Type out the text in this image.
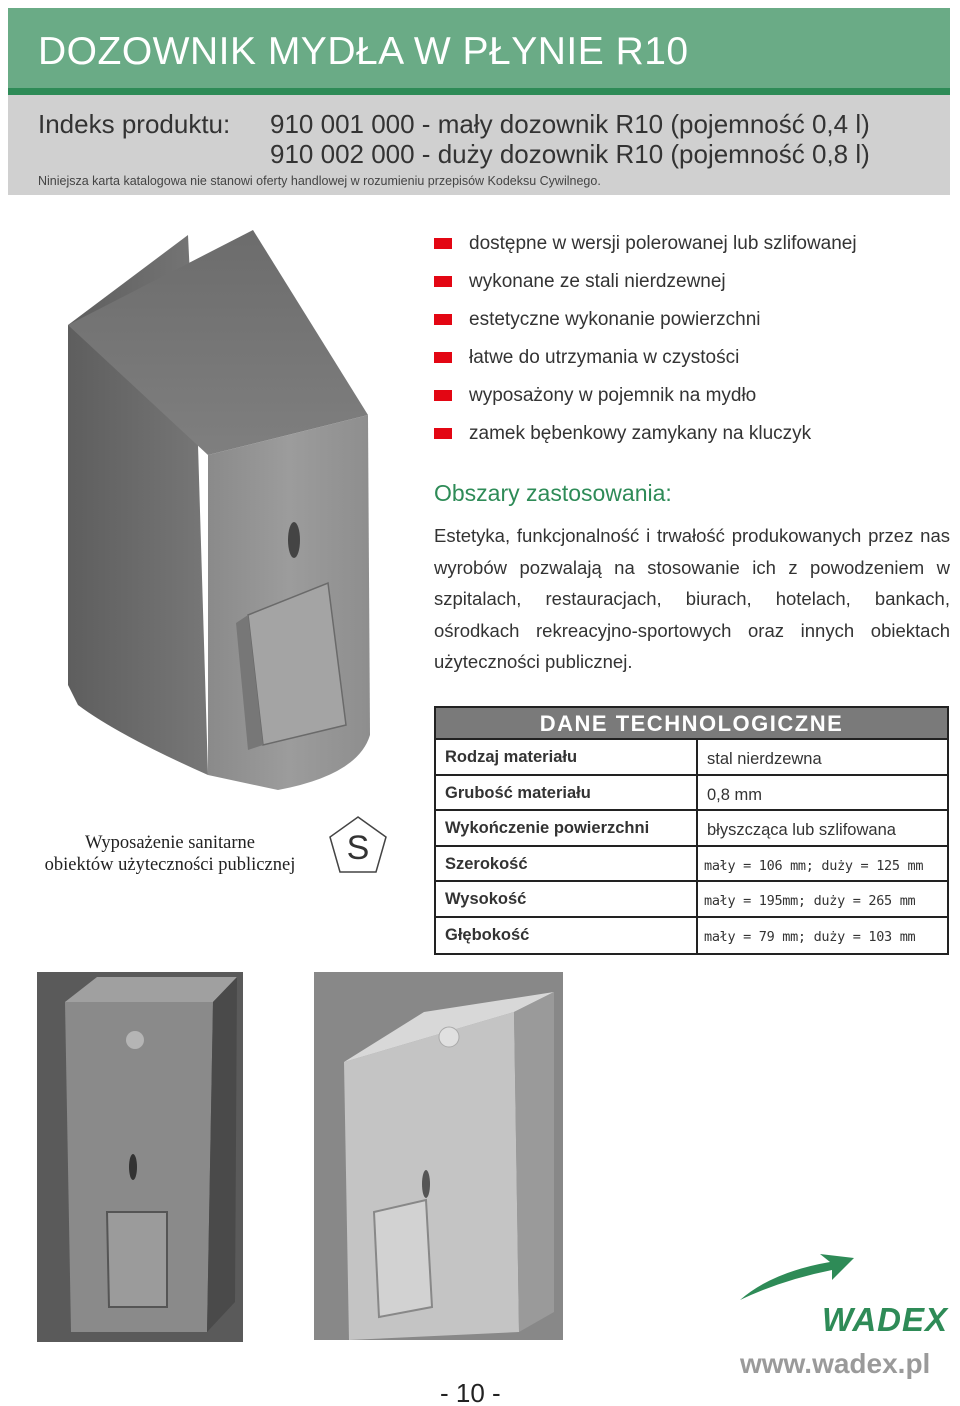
DOZOWNIK MYDŁA W PŁYNIE R10
Indeks produktu: 910 001 000 - mały dozownik R10 (pojemność 0,4 l)
910 002 000 - duży dozownik R10 (pojemność 0,8 l)
Niniejsza karta katalogowa nie stanowi oferty handlowej w rozumieniu przepisów Kodeksu Cywilnego.
dostępne w wersji polerowanej lub szlifowanej
wykonane ze stali nierdzewnej
estetyczne wykonanie powierzchni
łatwe do utrzymania w czystości
wyposażony w pojemnik na mydło
zamek bębenkowy zamykany na kluczyk
Obszary zastosowania:

Estetyka, funkcjonalność i trwałość produkowanych przez nas wyrobów pozwalają na stosowanie ich z powodzeniem w szpitalach, restauracjach, biurach, hotelach, bankach, ośrodkach rekreacyjno-sportowych oraz innych obiektach użyteczności publicznej.

DANE TECHNOLOGICZNE
Rodzaj materiału	stal nierdzewna
Grubość materiału	0,8 mm
Wykończenie powierzchni	błyszcząca lub szlifowana
Szerokość	mały = 106 mm; duży = 125 mm
Wysokość	mały = 195mm; duży = 265 mm
Głębokość	mały = 79 mm; duży = 103 mm
Wyposażenie sanitarne
obiektów użyteczności publicznej	S
WADEX
www.wadex.pl
- 10 -
